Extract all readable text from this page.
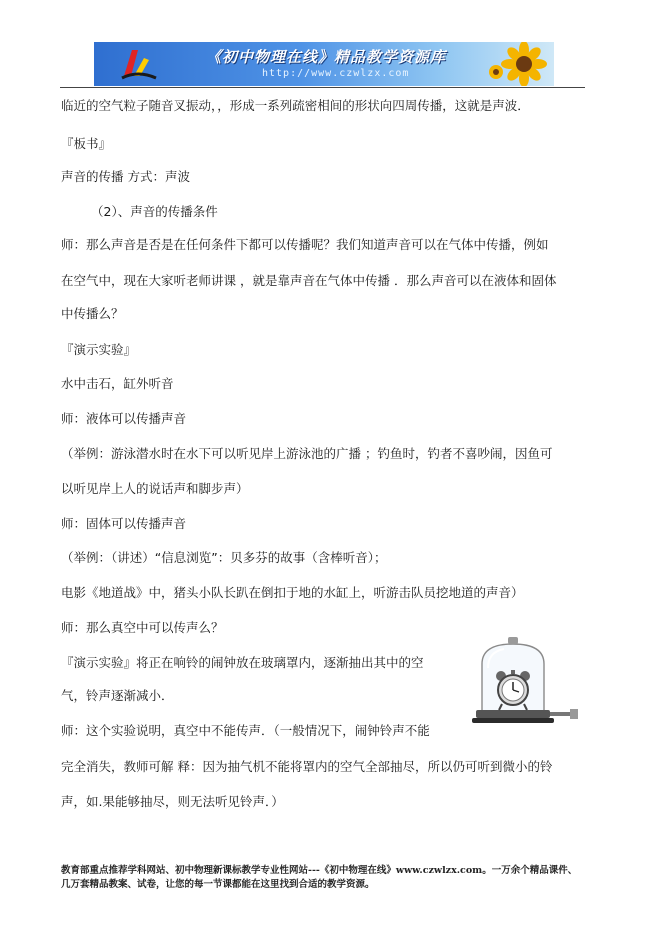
《初中物理在线》精品教学资源库
http://www.czwlzx.com
临近的空气粒子随音叉振动，，形成一系列疏密相间的形状向四周传播，这就是声波．
『板书』
声音的传播 方式：声波
（2）、声音的传播条件
师：那么声音是否是在任何条件下都可以传播呢？我们知道声音可以在气体中传播，例如
在空气中，现在大家听老师讲课 ，就是靠声音在气体中传播 ．那么声音可以在液体和固体
中传播么？
『演示实验』
水中击石，缸外听音
师：液体可以传播声音
（举例：游泳潜水时在水下可以听见岸上游泳池的广播 ；钓鱼时，钓者不喜吵闹，因鱼可
以听见岸上人的说话声和脚步声）
师：固体可以传播声音
（举例：（讲述）“信息浏览”：贝多芬的故事（含棒听音）；
电影《地道战》中，猪头小队长趴在倒扣于地的水缸上，听游击队员挖地道的声音）
师：那么真空中可以传声么？
『演示实验』将正在响铃的闹钟放在玻璃罩内，逐渐抽出其中的空
气，铃声逐渐减小．
师：这个实验说明，真空中不能传声．（一般情况下，闹钟铃声不能
完全消失，教师可解 释：因为抽气机不能将罩内的空气全部抽尽，所以仍可听到微小的铃
声，如.果能够抽尽，则无法听见铃声．）
教育部重点推荐学科网站、初中物理新课标教学专业性网站---《初中物理在线》www.czwlzx.com。一万余个精品课件、
几万套精品教案、试卷，让您的每一节课都能在这里找到合适的教学资源。
